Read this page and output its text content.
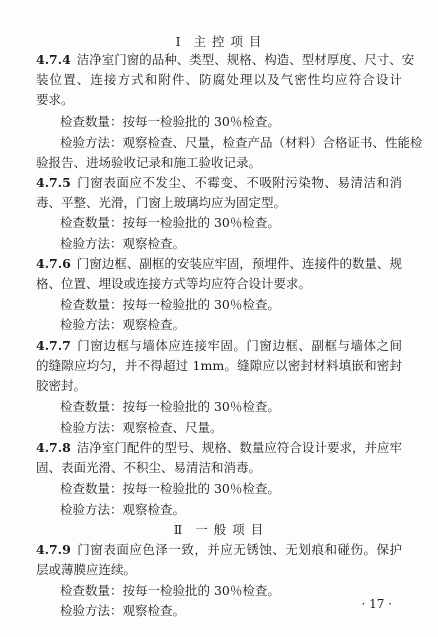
Ⅰ 主 控 项 目
4.7.4 洁净室门窗的品种、类型、规格、构造、型材厚度、尺寸、安
装位置、连接方式和附件、防腐处理以及气密性均应符合设计
要求。
检查数量：按每一检验批的 30％检查。
检验方法：观察检查、尺量，检查产品（材料）合格证书、性能检
验报告、进场验收记录和施工验收记录。
4.7.5 门窗表面应不发尘、不霉变、不吸附污染物、易清洁和消
毒、平整、光滑，门窗上玻璃均应为固定型。
检查数量：按每一检验批的 30％检查。
检验方法：观察检查。
4.7.6 门窗边框、副框的安装应牢固，预埋件、连接件的数量、规
格、位置、埋设或连接方式等均应符合设计要求。
检查数量：按每一检验批的 30％检查。
检验方法：观察检查。
4.7.7 门窗边框与墙体应连接牢固。门窗边框、副框与墙体之间
的缝隙应均匀，并不得超过 1mm。缝隙应以密封材料填嵌和密封
胶密封。
检查数量：按每一检验批的 30％检查。
检验方法：观察检查、尺量。
4.7.8 洁净室门配件的型号、规格、数量应符合设计要求，并应牢
固、表面光滑、不积尘、易清洁和消毒。
检查数量：按每一检验批的 30％检查。
检验方法：观察检查。
Ⅱ 一 般 项 目
4.7.9 门窗表面应色泽一致，并应无锈蚀、无划痕和碰伤。保护
层或薄膜应连续。
检查数量：按每一检验批的 30％检查。
检验方法：观察检查。	· 17 ·
